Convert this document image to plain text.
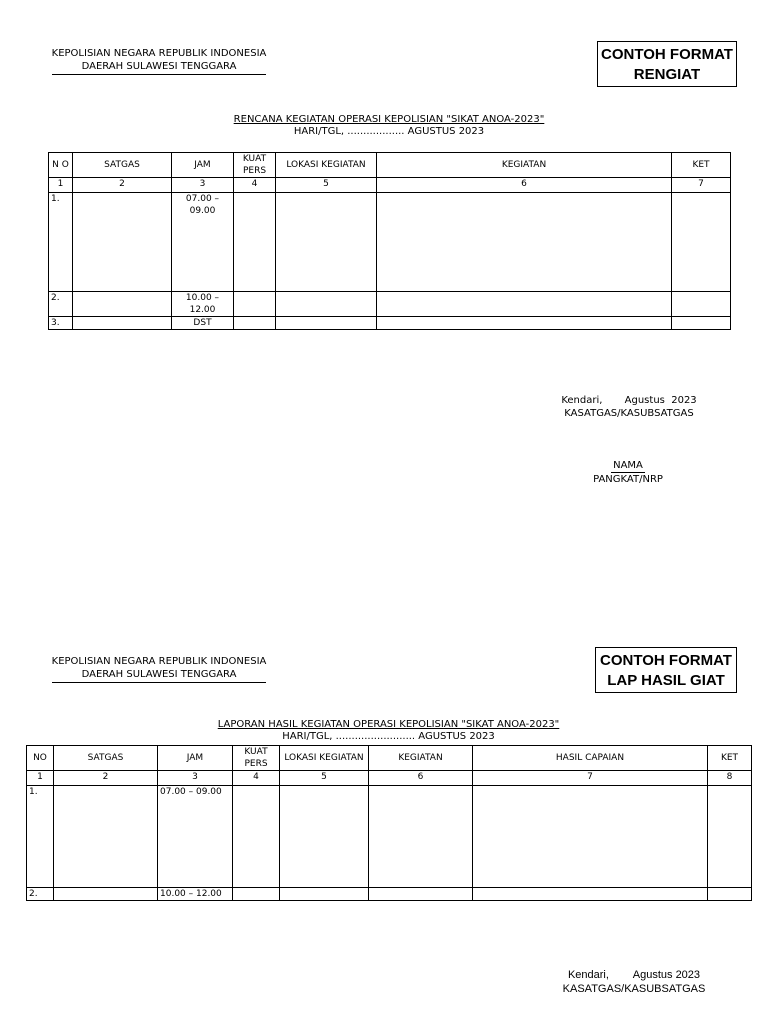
KEPOLISIAN NEGARA REPUBLIK INDONESIA
DAERAH SULAWESI TENGGARA
CONTOH FORMAT
RENGIAT
RENCANA KEGIATAN OPERASI KEPOLISIAN "SIKAT ANOA-2023"
HARI/TGL, .................. AGUSTUS 2023
N O	SATGAS	JAM	KUAT PERS	LOKASI KEGIATAN	KEGIATAN	KET
1	2	3	4	5	6	7
1.		07.00 – 09.00				
2.		10.00 – 12.00				
3.		DST				
Kendari,       Agustus  2023
KASATGAS/KASUBSATGAS
NAMA
PANGKAT/NRP
KEPOLISIAN NEGARA REPUBLIK INDONESIA
DAERAH SULAWESI TENGGARA
CONTOH FORMAT
LAP HASIL GIAT
LAPORAN HASIL KEGIATAN OPERASI KEPOLISIAN "SIKAT ANOA-2023"
HARI/TGL, ......................... AGUSTUS 2023
NO	SATGAS	JAM	KUAT PERS	LOKASI KEGIATAN	KEGIATAN	HASIL CAPAIAN	KET
1	2	3	4	5	6	7	8
1.		07.00 – 09.00					
2.		10.00 – 12.00					
Kendari,        Agustus 2023
KASATGAS/KASUBSATGAS
